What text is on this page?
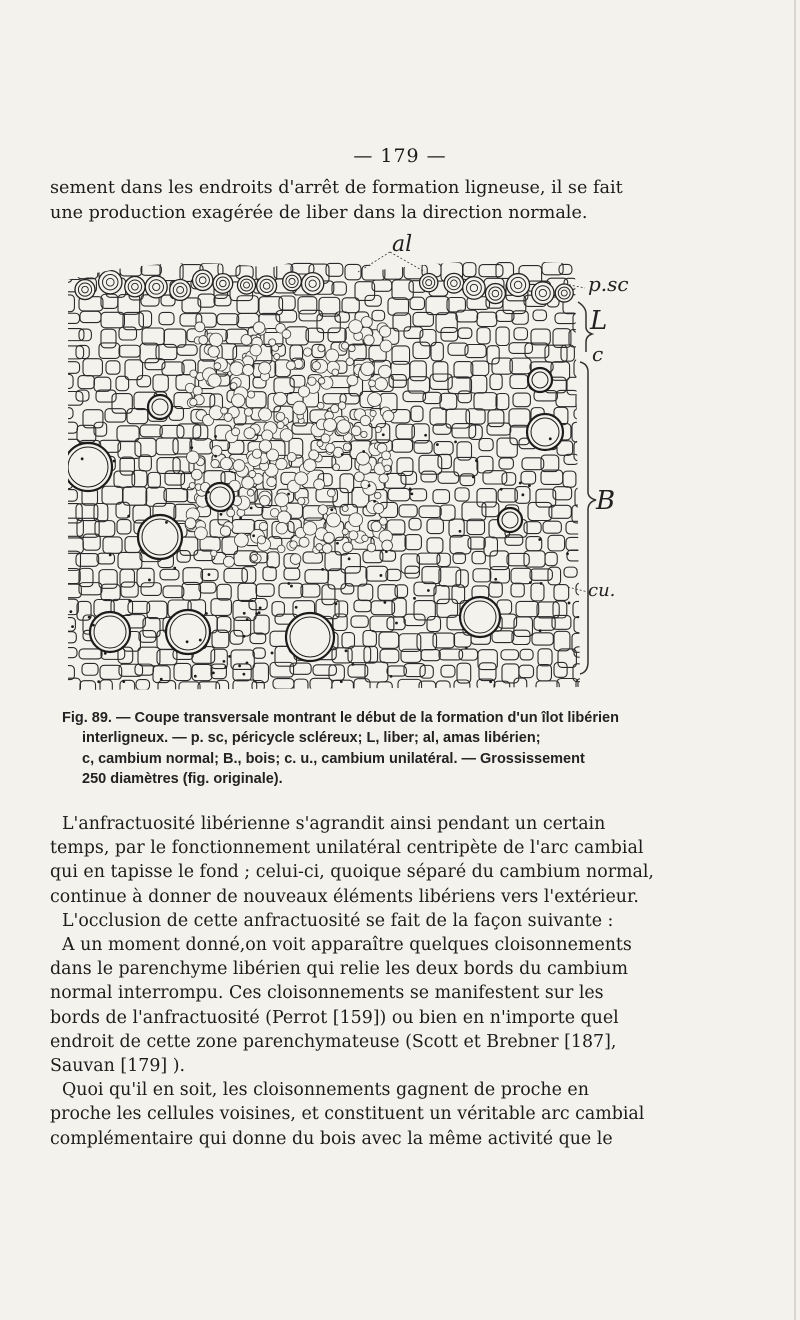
— 179 —
sement dans les endroits d'arrêt de formation ligneuse, il se fait
une production exagérée de liber dans la direction normale.
al
p.sc
L
c
B
cu.
Fig. 89. — Coupe transversale montrant le début de la formation d'un îlot libérien
interligneux. — p. sc, péricycle scléreux; L, liber; al, amas libérien;
c, cambium normal; B., bois; c. u., cambium unilatéral. — Grossissement
250 diamètres (fig. originale).
L'anfractuosité libérienne s'agrandit ainsi pendant un certain
temps, par le fonctionnement unilatéral centripète de l'arc cambial
qui en tapisse le fond ; celui-ci, quoique séparé du cambium normal,
continue à donner de nouveaux éléments libériens vers l'extérieur.
L'occlusion de cette anfractuosité se fait de la façon suivante :
A un moment donné,on voit apparaître quelques cloisonnements
dans le parenchyme libérien qui relie les deux bords du cambium
normal interrompu. Ces cloisonnements se manifestent sur les
bords de l'anfractuosité (Perrot [159]) ou bien en n'importe quel
endroit de cette zone parenchymateuse (Scott et Brebner [187],
Sauvan [179] ).
Quoi qu'il en soit, les cloisonnements gagnent de proche en
proche les cellules voisines, et constituent un véritable arc cambial
complémentaire qui donne du bois avec la même activité que le
